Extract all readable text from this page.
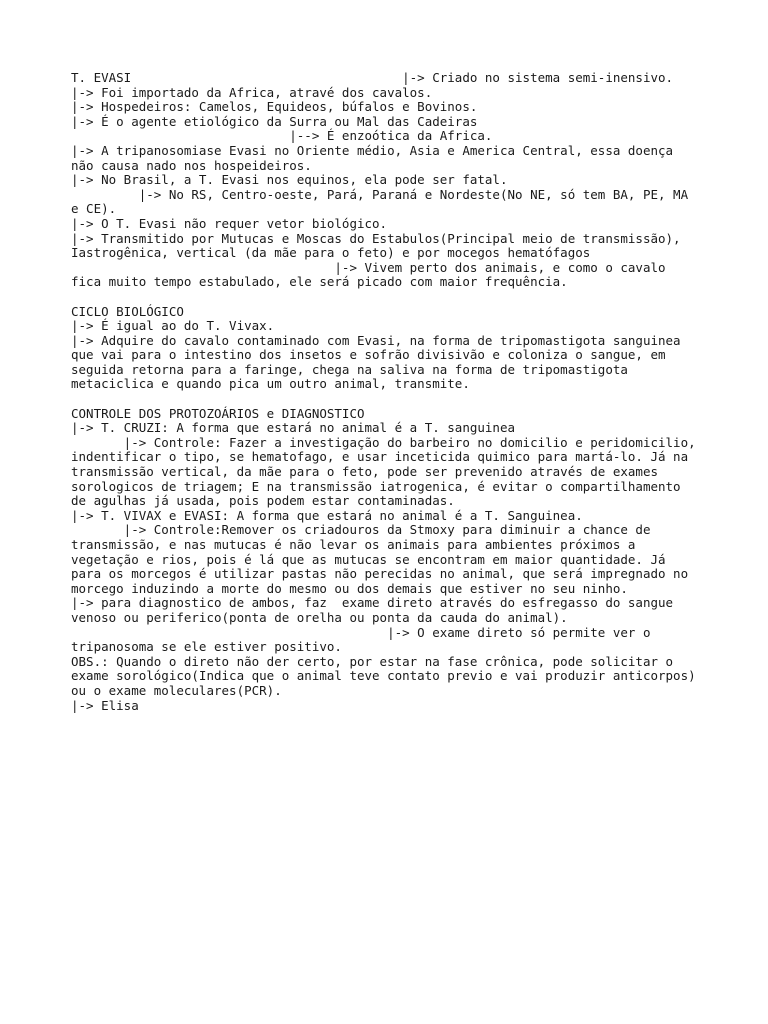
T. EVASI                                    |-> Criado no sistema semi-inensivo.
|-> Foi importado da Africa, atravé dos cavalos.
|-> Hospedeiros: Camelos, Equideos, búfalos e Bovinos.
|-> É o agente etiológico da Surra ou Mal das Cadeiras
|--> É enzoótica da Africa.
|-> A tripanosomiase Evasi no Oriente médio, Asia e America Central, essa doença
não causa nado nos hospeideiros.
|-> No Brasil, a T. Evasi nos equinos, ela pode ser fatal.
|-> No RS, Centro-oeste, Pará, Paraná e Nordeste(No NE, só tem BA, PE, MA
e CE).
|-> O T. Evasi não requer vetor biológico.
|-> Transmitido por Mutucas e Moscas do Estabulos(Principal meio de transmissão),
Iastrogênica, vertical (da mãe para o feto) e por mocegos hematófagos
|-> Vivem perto dos animais, e como o cavalo
fica muito tempo estabulado, ele será picado com maior frequência.
CICLO BIOLÓGICO
|-> É igual ao do T. Vivax.
|-> Adquire do cavalo contaminado com Evasi, na forma de tripomastigota sanguinea
que vai para o intestino dos insetos e sofrão divisivão e coloniza o sangue, em
seguida retorna para a faringe, chega na saliva na forma de tripomastigota
metaciclica e quando pica um outro animal, transmite.
CONTROLE DOS PROTOZOÁRIOS e DIAGNOSTICO
|-> T. CRUZI: A forma que estará no animal é a T. sanguinea
|-> Controle: Fazer a investigação do barbeiro no domicilio e peridomicilio,
indentificar o tipo, se hematofago, e usar inceticida quimico para martá-lo. Já na
transmissão vertical, da mãe para o feto, pode ser prevenido através de exames
sorologicos de triagem; E na transmissão iatrogenica, é evitar o compartilhamento
de agulhas já usada, pois podem estar contaminadas.
|-> T. VIVAX e EVASI: A forma que estará no animal é a T. Sanguinea.
|-> Controle:Remover os criadouros da Stmoxy para diminuir a chance de
transmissão, e nas mutucas é não levar os animais para ambientes próximos a
vegetação e rios, pois é lá que as mutucas se encontram em maior quantidade. Já
para os morcegos é utilizar pastas não perecidas no animal, que será impregnado no
morcego induzindo a morte do mesmo ou dos demais que estiver no seu ninho.
|-> para diagnostico de ambos, faz  exame direto através do esfregasso do sangue
venoso ou periferico(ponta de orelha ou ponta da cauda do animal).
|-> O exame direto só permite ver o
tripanosoma se ele estiver positivo.
OBS.: Quando o direto não der certo, por estar na fase crônica, pode solicitar o
exame sorológico(Indica que o animal teve contato previo e vai produzir anticorpos)
ou o exame moleculares(PCR).
|-> Elisa
